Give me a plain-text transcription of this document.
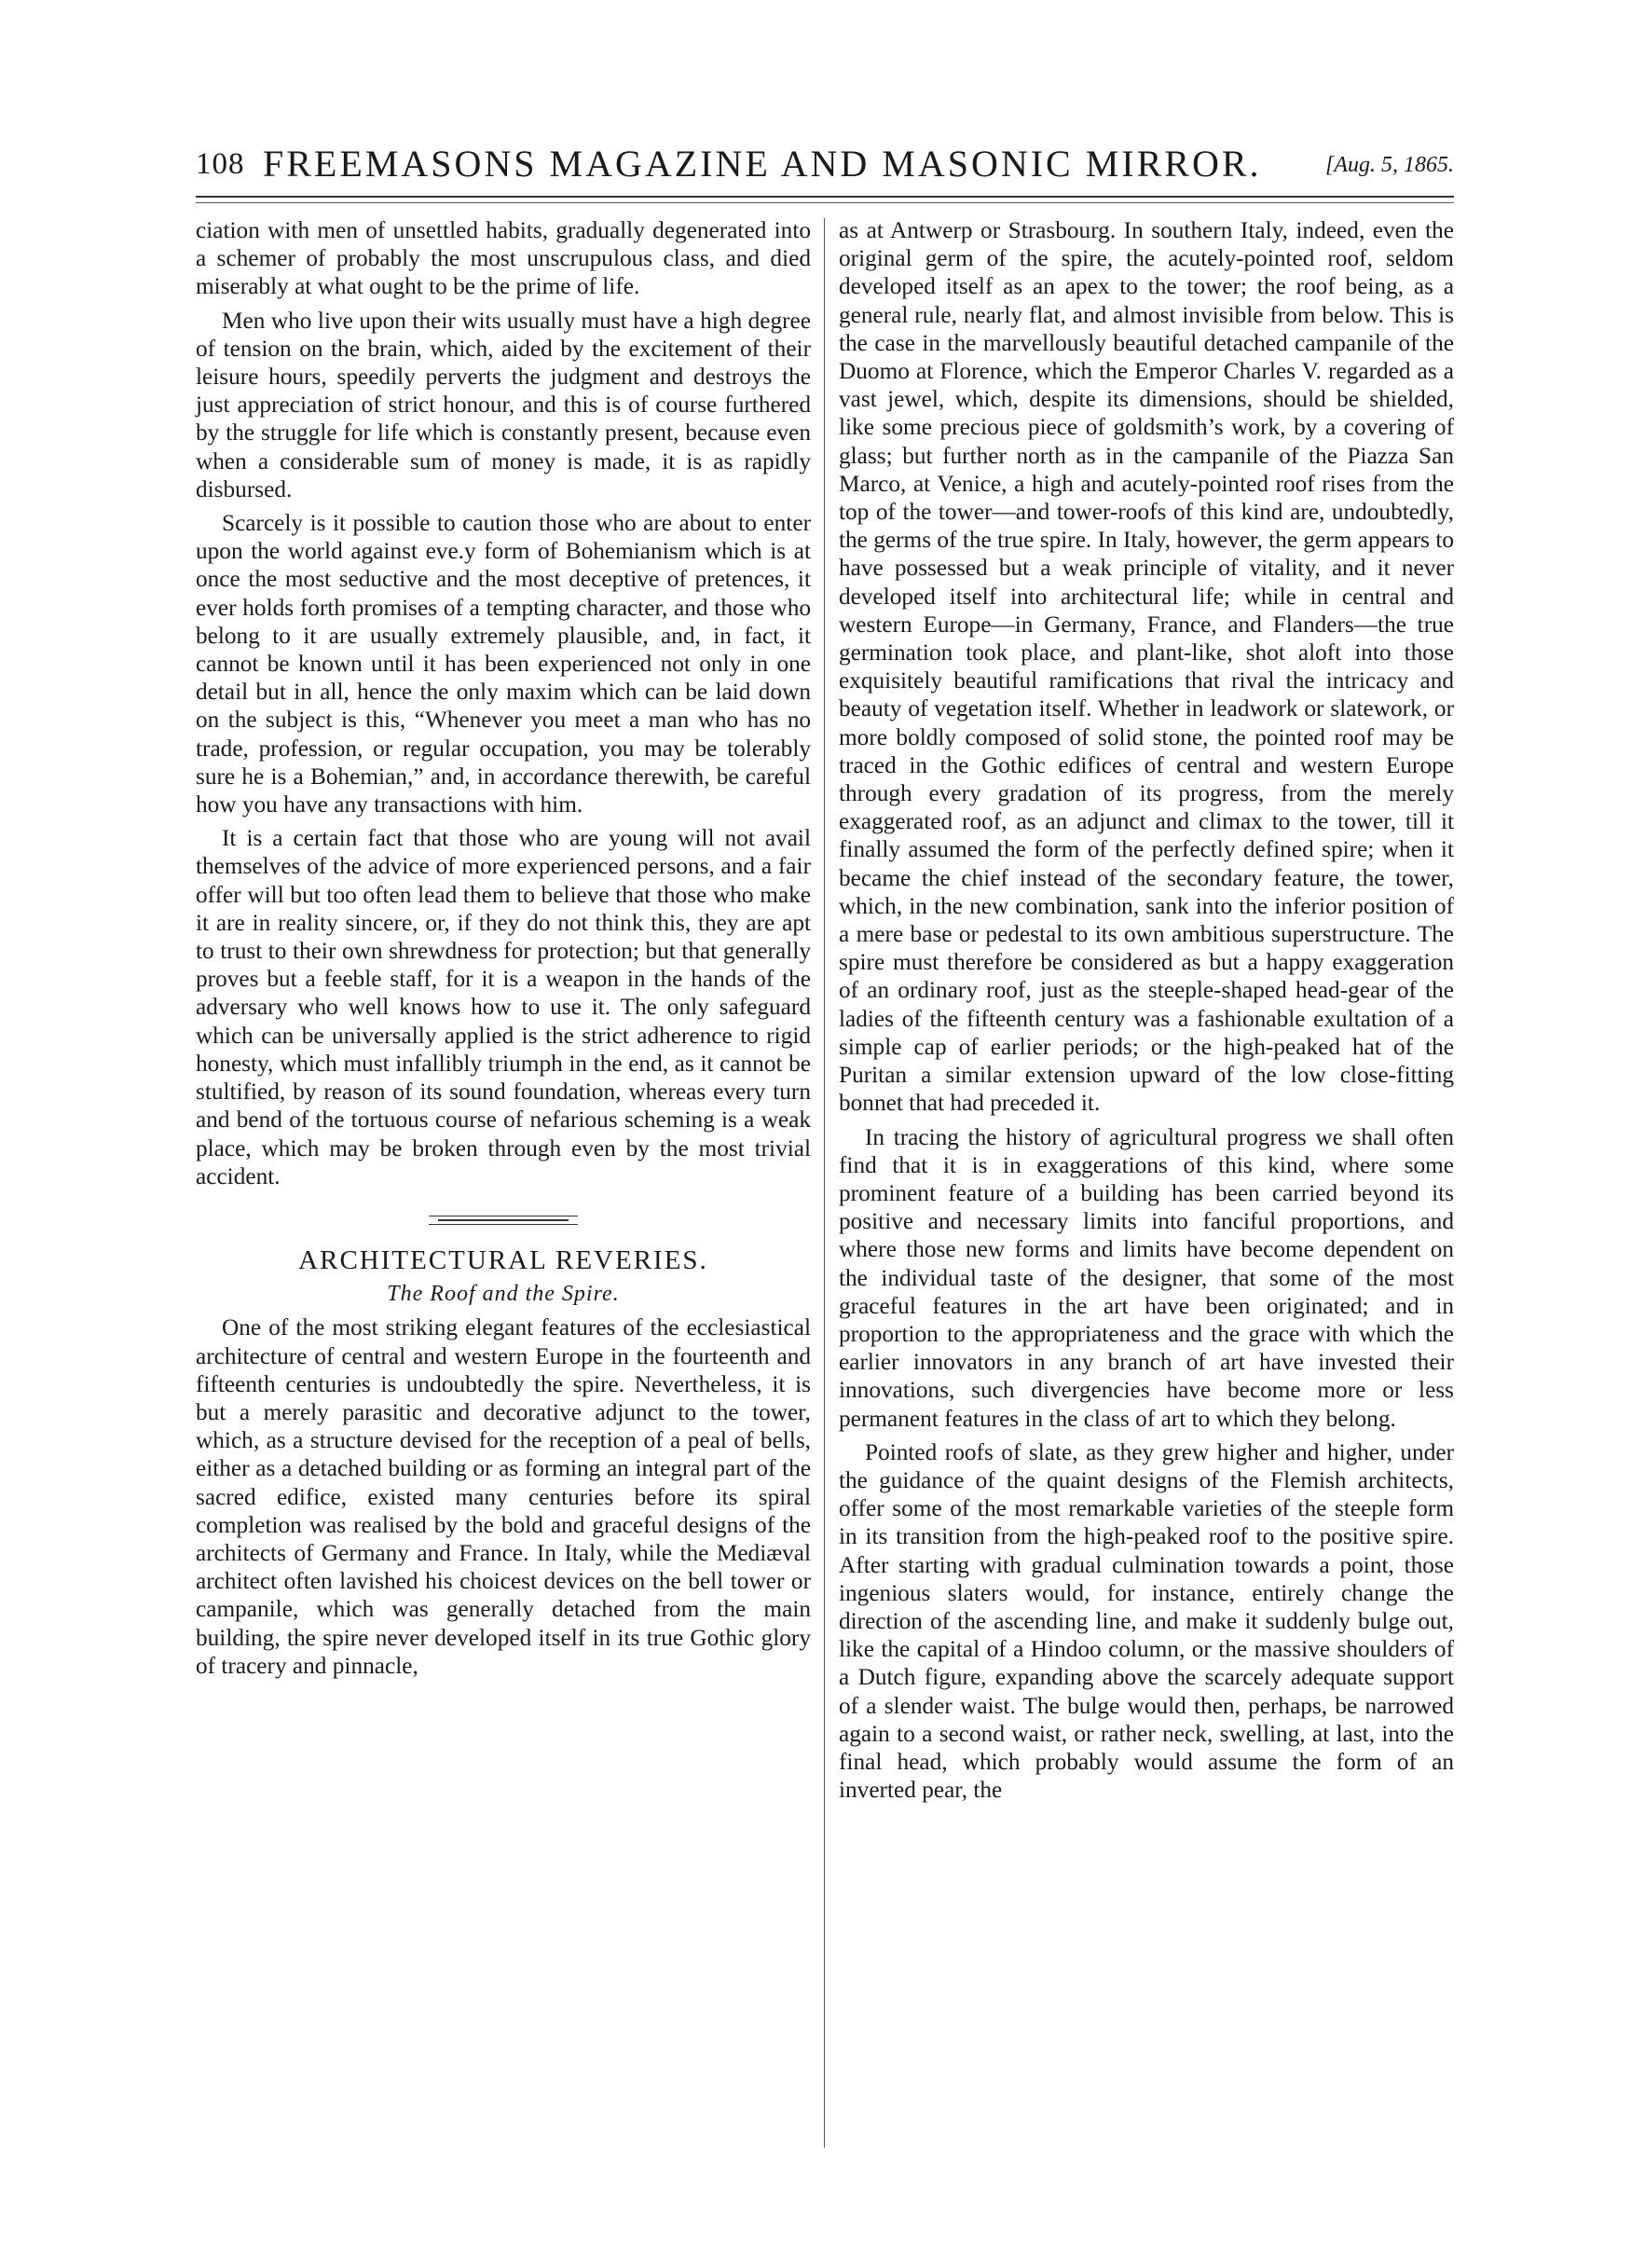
108 FREEMASONS MAGAZINE AND MASONIC MIRROR.	[Aug. 5, 1865.

ciation with men of unsettled habits, gradually degenerated into a schemer of probably the most unscrupulous class, and died miserably at what ought to be the prime of life.

Men who live upon their wits usually must have a high degree of tension on the brain, which, aided by the excitement of their leisure hours, speedily perverts the judgment and destroys the just appreciation of strict honour, and this is of course furthered by the struggle for life which is constantly present, because even when a considerable sum of money is made, it is as rapidly disbursed.

Scarcely is it possible to caution those who are about to enter upon the world against eve.y form of Bohemianism which is at once the most seductive and the most deceptive of pretences, it ever holds forth promises of a tempting character, and those who belong to it are usually extremely plausible, and, in fact, it cannot be known until it has been experienced not only in one detail but in all, hence the only maxim which can be laid down on the subject is this, “Whenever you meet a man who has no trade, profession, or regular occupation, you may be tolerably sure he is a Bohemian,” and, in accordance therewith, be careful how you have any transactions with him.

It is a certain fact that those who are young will not avail themselves of the advice of more experienced persons, and a fair offer will but too often lead them to believe that those who make it are in reality sincere, or, if they do not think this, they are apt to trust to their own shrewdness for protection; but that generally proves but a feeble staff, for it is a weapon in the hands of the adversary who well knows how to use it. The only safeguard which can be universally applied is the strict adherence to rigid honesty, which must infallibly triumph in the end, as it cannot be stultified, by reason of its sound foundation, whereas every turn and bend of the tortuous course of nefarious scheming is a weak place, which may be broken through even by the most trivial accident.

ARCHITECTURAL REVERIES.
The Roof and the Spire.

One of the most striking elegant features of the ecclesiastical architecture of central and western Europe in the fourteenth and fifteenth centuries is undoubtedly the spire. Nevertheless, it is but a merely parasitic and decorative adjunct to the tower, which, as a structure devised for the reception of a peal of bells, either as a detached building or as forming an integral part of the sacred edifice, existed many centuries before its spiral completion was realised by the bold and graceful designs of the architects of Germany and France. In Italy, while the Mediæval architect often lavished his choicest devices on the bell tower or campanile, which was generally detached from the main building, the spire never developed itself in its true Gothic glory of tracery and pinnacle,

as at Antwerp or Strasbourg. In southern Italy, indeed, even the original germ of the spire, the acutely-pointed roof, seldom developed itself as an apex to the tower; the roof being, as a general rule, nearly flat, and almost invisible from below. This is the case in the marvellously beautiful detached campanile of the Duomo at Florence, which the Emperor Charles V. regarded as a vast jewel, which, despite its dimensions, should be shielded, like some precious piece of goldsmith’s work, by a covering of glass; but further north as in the campanile of the Piazza San Marco, at Venice, a high and acutely-pointed roof rises from the top of the tower—and tower-roofs of this kind are, undoubtedly, the germs of the true spire. In Italy, however, the germ appears to have possessed but a weak principle of vitality, and it never developed itself into architectural life; while in central and western Europe—in Germany, France, and Flanders—the true germination took place, and plant-like, shot aloft into those exquisitely beautiful ramifications that rival the intricacy and beauty of vegetation itself. Whether in leadwork or slatework, or more boldly composed of solid stone, the pointed roof may be traced in the Gothic edifices of central and western Europe through every gradation of its progress, from the merely exaggerated roof, as an adjunct and climax to the tower, till it finally assumed the form of the perfectly defined spire; when it became the chief instead of the secondary feature, the tower, which, in the new combination, sank into the inferior position of a mere base or pedestal to its own ambitious superstructure. The spire must therefore be considered as but a happy exaggeration of an ordinary roof, just as the steeple-shaped head-gear of the ladies of the fifteenth century was a fashionable exultation of a simple cap of earlier periods; or the high-peaked hat of the Puritan a similar extension upward of the low close-fitting bonnet that had preceded it.

In tracing the history of agricultural progress we shall often find that it is in exaggerations of this kind, where some prominent feature of a building has been carried beyond its positive and necessary limits into fanciful proportions, and where those new forms and limits have become dependent on the individual taste of the designer, that some of the most graceful features in the art have been originated; and in proportion to the appropriateness and the grace with which the earlier innovators in any branch of art have invested their innovations, such divergencies have become more or less permanent features in the class of art to which they belong.

Pointed roofs of slate, as they grew higher and higher, under the guidance of the quaint designs of the Flemish architects, offer some of the most remarkable varieties of the steeple form in its transition from the high-peaked roof to the positive spire. After starting with gradual culmination towards a point, those ingenious slaters would, for instance, entirely change the direction of the ascending line, and make it suddenly bulge out, like the capital of a Hindoo column, or the massive shoulders of a Dutch figure, expanding above the scarcely adequate support of a slender waist. The bulge would then, perhaps, be narrowed again to a second waist, or rather neck, swelling, at last, into the final head, which probably would assume the form of an inverted pear, the
